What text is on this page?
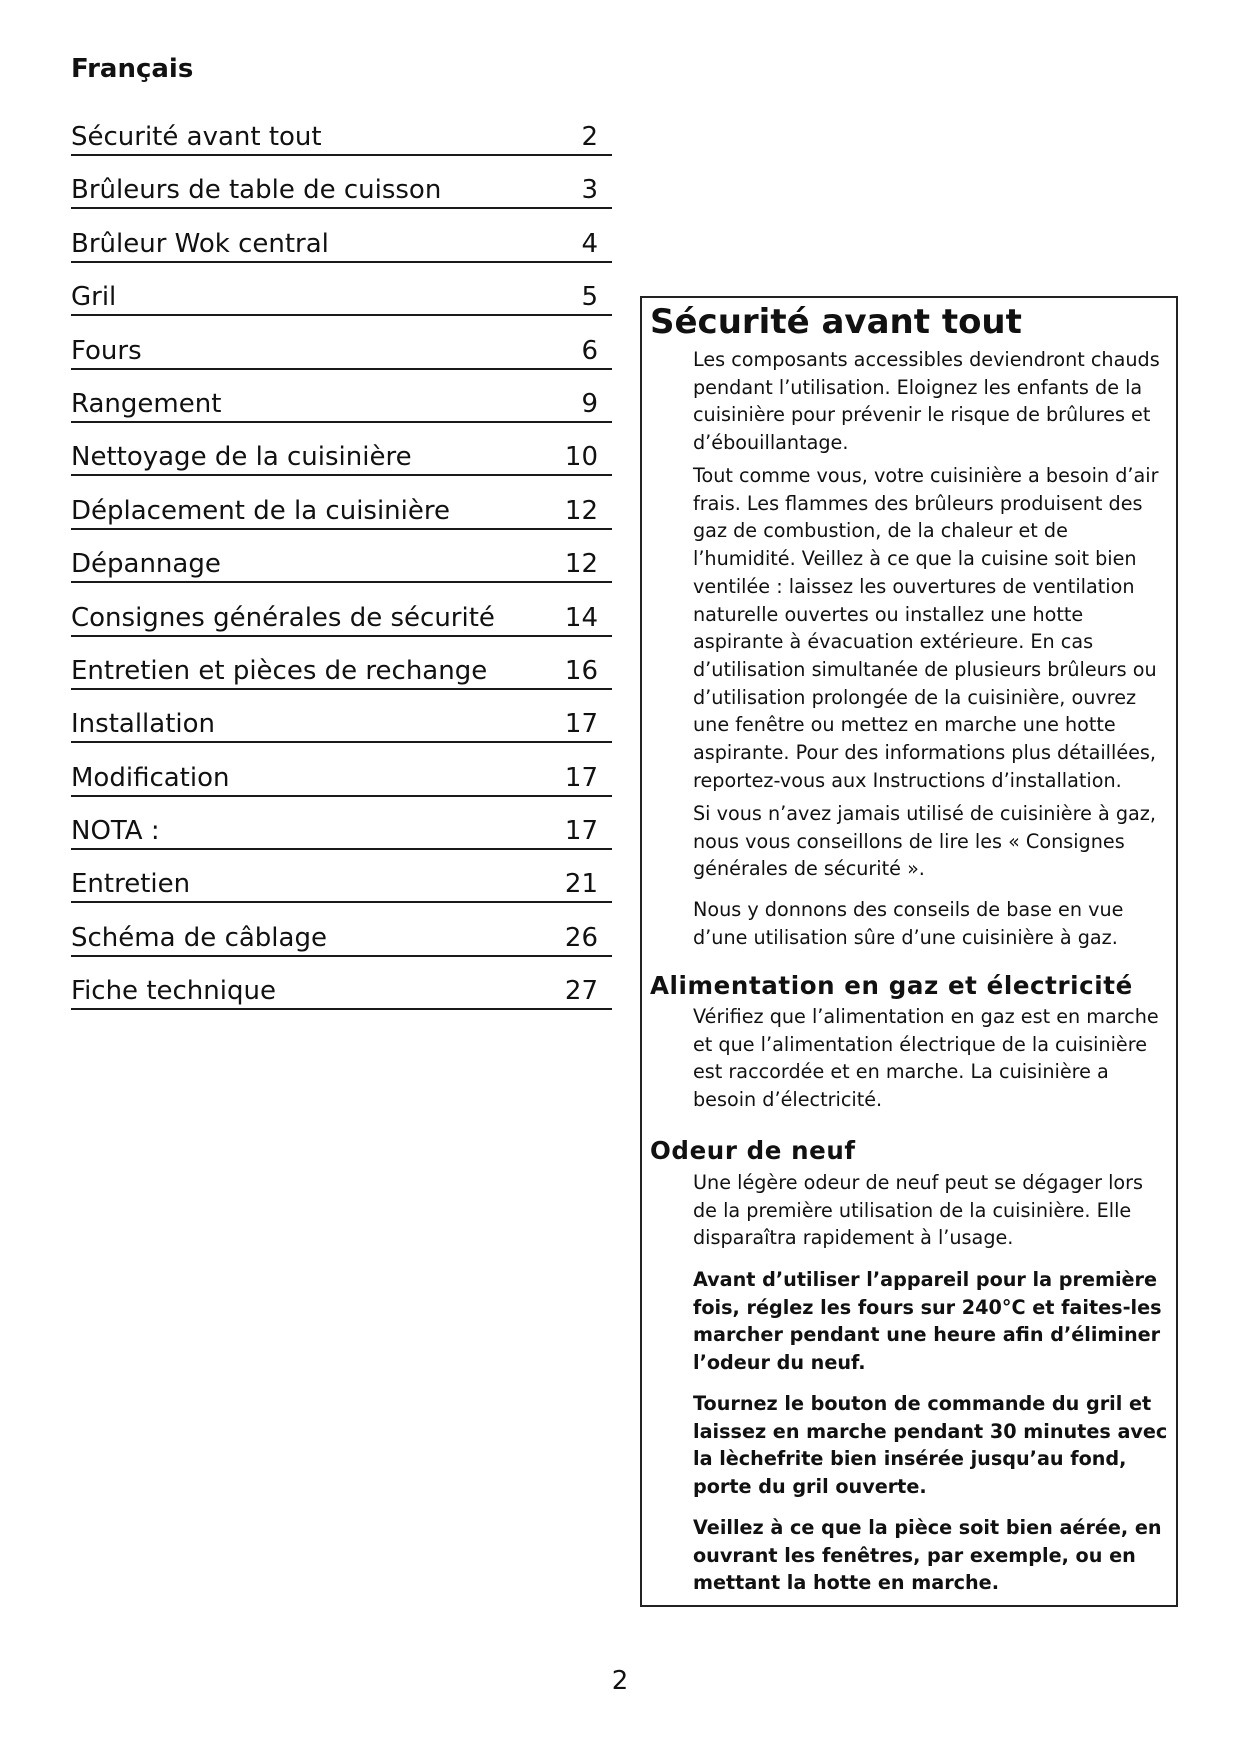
Français
Sécurité avant tout	2
Brûleurs de table de cuisson	3
Brûleur Wok central	4
Gril	5
Fours	6
Rangement	9
Nettoyage de la cuisinière	10
Déplacement de la cuisinière	12
Dépannage	12
Consignes générales de sécurité	14
Entretien et pièces de rechange	16
Installation	17
Modification	17
NOTA :	17
Entretien	21
Schéma de câblage	26
Fiche technique	27
Sécurité avant tout

Les composants accessibles deviendront chauds pendant l’utilisation. Eloignez les enfants de la cuisinière pour prévenir le risque de brûlures et d’ébouillantage.

Tout comme vous, votre cuisinière a besoin d’air frais. Les flammes des brûleurs produisent des gaz de combustion, de la chaleur et de l’humidité. Veillez à ce que la cuisine soit bien ventilée : laissez les ouvertures de ventilation naturelle ouvertes ou installez une hotte aspirante à évacuation extérieure. En cas d’utilisation simultanée de plusieurs brûleurs ou d’utilisation prolongée de la cuisinière, ouvrez une fenêtre ou mettez en marche une hotte aspirante. Pour des informations plus détaillées, reportez-vous aux Instructions d’installation.

Si vous n’avez jamais utilisé de cuisinière à gaz, nous vous conseillons de lire les « Consignes générales de sécurité ».

Nous y donnons des conseils de base en vue d’une utilisation sûre d’une cuisinière à gaz.

Alimentation en gaz et électricité

Vérifiez que l’alimentation en gaz est en marche et que l’alimentation électrique de la cuisinière est raccordée et en marche. La cuisinière a besoin d’électricité.

Odeur de neuf

Une légère odeur de neuf peut se dégager lors de la première utilisation de la cuisinière. Elle disparaîtra rapidement à l’usage.

Avant d’utiliser l’appareil pour la première fois, réglez les fours sur 240°C et faites-les marcher pendant une heure afin d’éliminer l’odeur du neuf.

Tournez le bouton de commande du gril et laissez en marche pendant 30 minutes avec la lèchefrite bien insérée jusqu’au fond, porte du gril ouverte.

Veillez à ce que la pièce soit bien aérée, en ouvrant les fenêtres, par exemple, ou en mettant la hotte en marche.

2
